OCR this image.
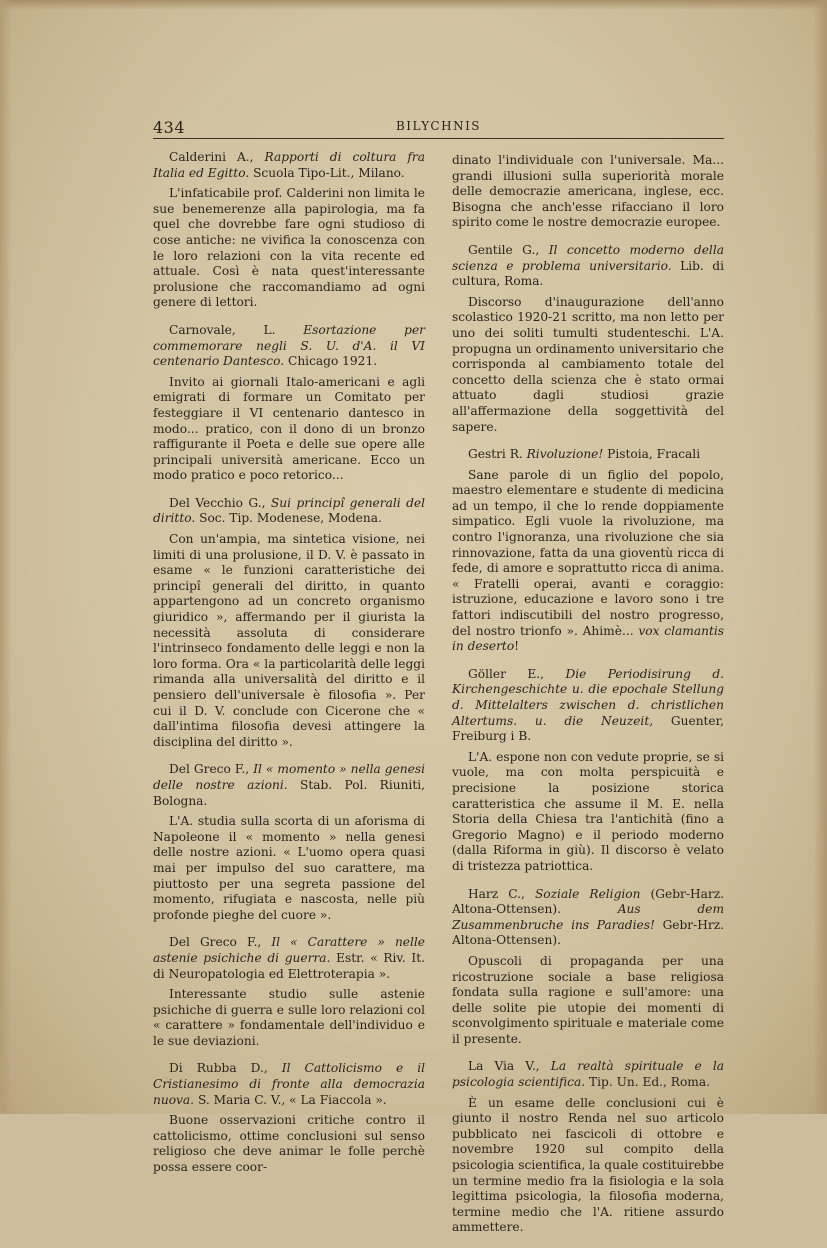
434	BILYCHNIS

Calderini A., Rapporti di coltura fra Italia ed Egitto. Scuola Tipo-Lit., Milano.

L'infaticabile prof. Calderini non limita le sue benemerenze alla papirologia, ma fa quel che dovrebbe fare ogni studioso di cose antiche: ne vivifica la conoscenza con le loro relazioni con la vita recente ed attuale. Così è nata quest'interessante prolusione che raccomandiamo ad ogni genere di lettori.

Carnovale, L. Esortazione per commemorare negli S. U. d'A. il VI centenario Dantesco. Chicago 1921.

Invito ai giornali Italo-americani e agli emigrati di formare un Comitato per festeggiare il VI centenario dantesco in modo... pratico, con il dono di un bronzo raffigurante il Poeta e delle sue opere alle principali università americane. Ecco un modo pratico e poco retorico...

Del Vecchio G., Sui principî generali del diritto. Soc. Tip. Modenese, Modena.

Con un'ampia, ma sintetica visione, nei limiti di una prolusione, il D. V. è passato in esame « le funzioni caratteristiche dei principî generali del diritto, in quanto appartengono ad un concreto organismo giuridico », affermando per il giurista la necessità assoluta di considerare l'intrinseco fondamento delle leggi e non la loro forma. Ora « la particolarità delle leggi rimanda alla universalità del diritto e il pensiero dell'universale è filosofia ». Per cui il D. V. conclude con Cicerone che « dall'intima filosofia devesi attingere la disciplina del diritto ».

Del Greco F., Il « momento » nella genesi delle nostre azioni. Stab. Pol. Riuniti, Bologna.

L'A. studia sulla scorta di un aforisma di Napoleone il « momento » nella genesi delle nostre azioni. « L'uomo opera quasi mai per impulso del suo carattere, ma piuttosto per una segreta passione del momento, rifugiata e nascosta, nelle più profonde pieghe del cuore ».

Del Greco F., Il « Carattere » nelle astenie psichiche di guerra. Estr. « Riv. It. di Neuropatologia ed Elettroterapia ».

Interessante studio sulle astenie psichiche di guerra e sulle loro relazioni col « carattere » fondamentale dell'individuo e le sue deviazioni.

Di Rubba D., Il Cattolicismo e il Cristianesimo di fronte alla democrazia nuova. S. Maria C. V., « La Fiaccola ».

Buone osservazioni critiche contro il cattolicismo, ottime conclusioni sul senso religioso che deve animar le folle perchè possa essere coor-

dinato l'individuale con l'universale. Ma... grandi illusioni sulla superiorità morale delle democrazie americana, inglese, ecc. Bisogna che anch'esse rifacciano il loro spirito come le nostre democrazie europee.

Gentile G., Il concetto moderno della scienza e problema universitario. Lib. di cultura, Roma.

Discorso d'inaugurazione dell'anno scolastico 1920-21 scritto, ma non letto per uno dei soliti tumulti studenteschi. L'A. propugna un ordinamento universitario che corrisponda al cambiamento totale del concetto della scienza che è stato ormai attuato dagli studiosi grazie all'affermazione della soggettività del sapere.

Gestri R. Rivoluzione! Pistoia, Fracali

Sane parole di un figlio del popolo, maestro elementare e studente di medicina ad un tempo, il che lo rende doppiamente simpatico. Egli vuole la rivoluzione, ma contro l'ignoranza, una rivoluzione che sia rinnovazione, fatta da una gioventù ricca di fede, di amore e soprattutto ricca di anima. « Fratelli operai, avanti e coraggio: istruzione, educazione e lavoro sono i tre fattori indiscutibili del nostro progresso, del nostro trionfo ». Ahimè... vox clamantis in deserto!

Göller E., Die Periodisirung d. Kirchengeschichte u. die epochale Stellung d. Mittelalters zwischen d. christlichen Altertums. u. die Neuzeit, Guenter, Freiburg i B.

L'A. espone non con vedute proprie, se si vuole, ma con molta perspicuità e precisione la posizione storica caratteristica che assume il M. E. nella Storia della Chiesa tra l'antichità (fino a Gregorio Magno) e il periodo moderno (dalla Riforma in giù). Il discorso è velato di tristezza patriottica.

Harz C., Soziale Religion (Gebr-Harz. Altona-Ottensen).	Aus dem Zusammenbruche ins Paradies! Gebr-Hrz. Altona-Ottensen).

Opuscoli di propaganda per una ricostruzione sociale a base religiosa fondata sulla ragione e sull'amore: una delle solite pie utopie dei momenti di sconvolgimento spirituale e materiale come il presente.

La Via V., La realtà spirituale e la psicologia scientifica. Tip. Un. Ed., Roma.

È un esame delle conclusioni cui è giunto il nostro Renda nel suo articolo pubblicato nei fascicoli di ottobre e novembre 1920 sul compito della psicologia scientifica, la quale costituirebbe un termine medio fra la fisiologia e la sola legittima psicologia, la filosofia moderna, termine medio che l'A. ritiene assurdo ammettere.
